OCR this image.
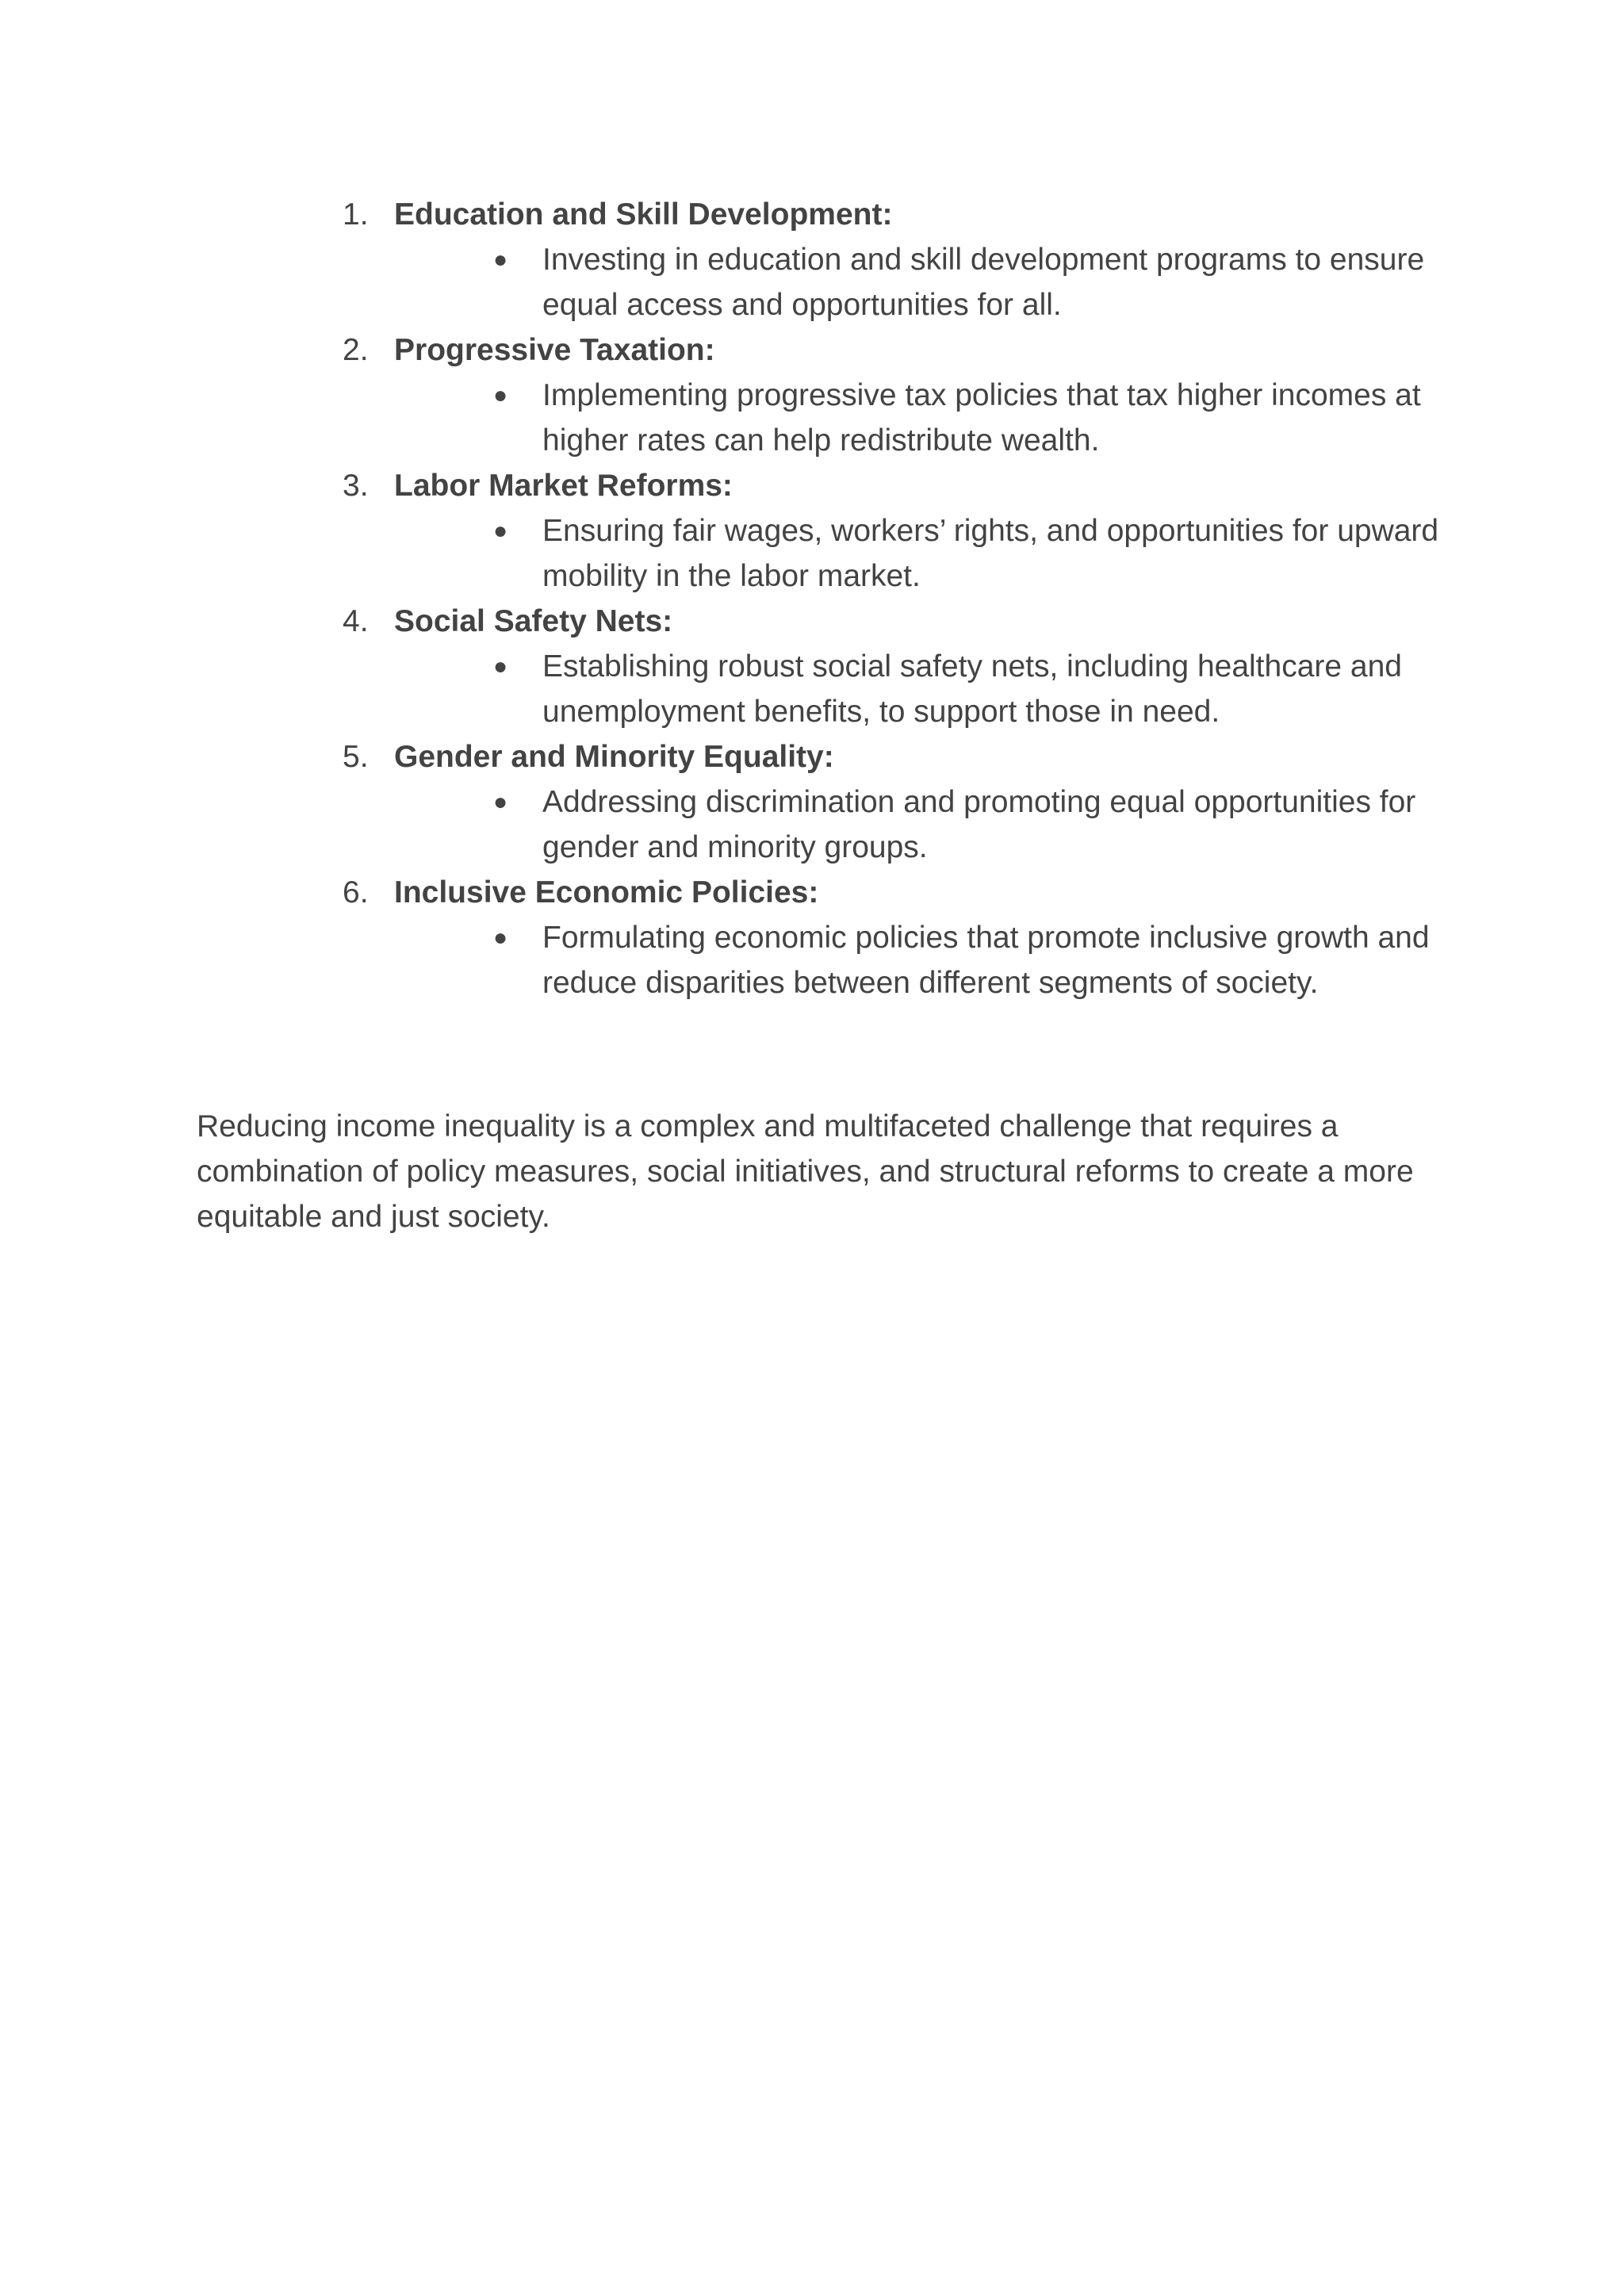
1. Education and Skill Development:
● Investing in education and skill development programs to ensure equal access and opportunities for all.
2. Progressive Taxation:
● Implementing progressive tax policies that tax higher incomes at higher rates can help redistribute wealth.
3. Labor Market Reforms:
● Ensuring fair wages, workers’ rights, and opportunities for upward mobility in the labor market.
4. Social Safety Nets:
● Establishing robust social safety nets, including healthcare and unemployment benefits, to support those in need.
5. Gender and Minority Equality:
● Addressing discrimination and promoting equal opportunities for gender and minority groups.
6. Inclusive Economic Policies:
● Formulating economic policies that promote inclusive growth and reduce disparities between different segments of society.

Reducing income inequality is a complex and multifaceted challenge that requires a combination of policy measures, social initiatives, and structural reforms to create a more equitable and just society.
